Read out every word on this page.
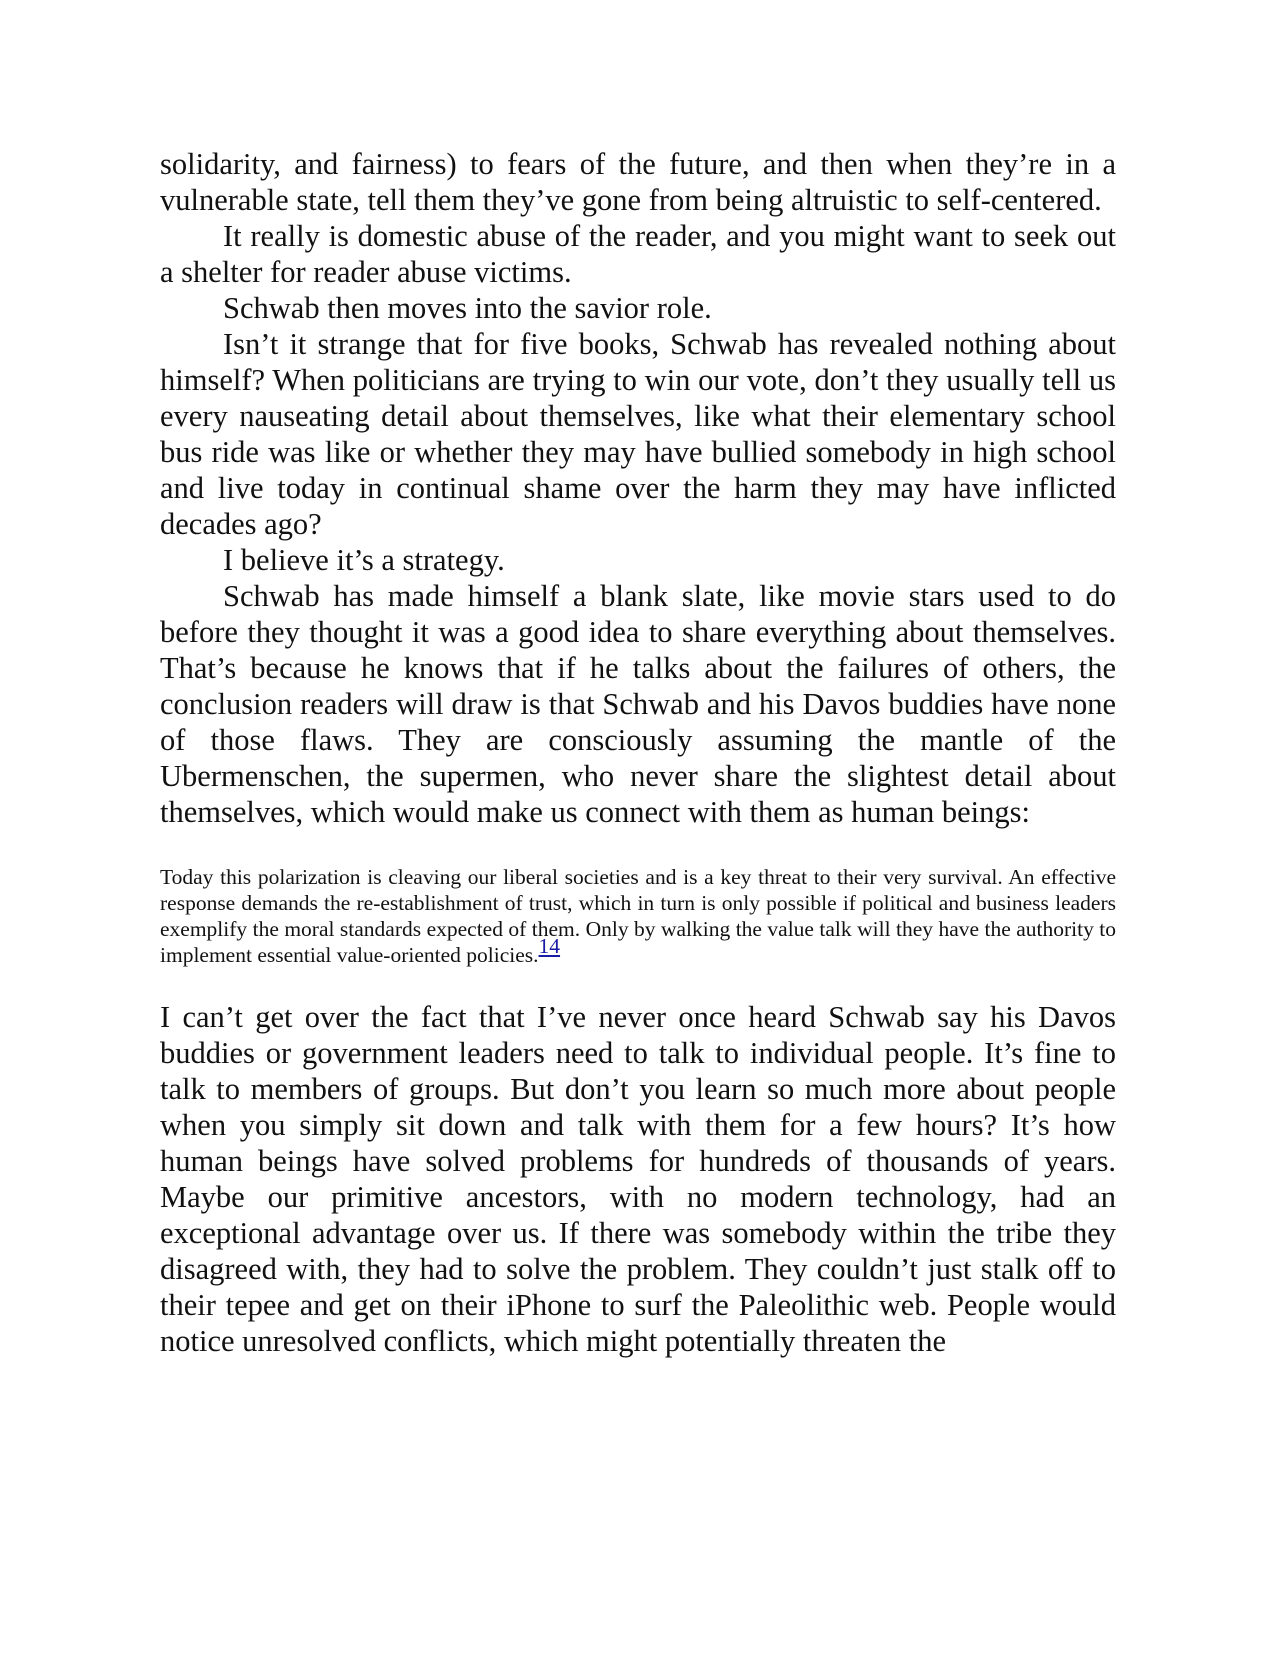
solidarity, and fairness) to fears of the future, and then when they’re in a vulnerable state, tell them they’ve gone from being altruistic to self-centered.

It really is domestic abuse of the reader, and you might want to seek out a shelter for reader abuse victims.

Schwab then moves into the savior role.

Isn’t it strange that for five books, Schwab has revealed nothing about himself? When politicians are trying to win our vote, don’t they usually tell us every nauseating detail about themselves, like what their elementary school bus ride was like or whether they may have bullied somebody in high school and live today in continual shame over the harm they may have inflicted decades ago?

I believe it’s a strategy.

Schwab has made himself a blank slate, like movie stars used to do before they thought it was a good idea to share everything about themselves. That’s because he knows that if he talks about the failures of others, the conclusion readers will draw is that Schwab and his Davos buddies have none of those flaws. They are consciously assuming the mantle of the Ubermenschen, the supermen, who never share the slightest detail about themselves, which would make us connect with them as human beings:

Today this polarization is cleaving our liberal societies and is a key threat to their very survival. An effective response demands the re-establishment of trust, which in turn is only possible if political and business leaders exemplify the moral standards expected of them. Only by walking the value talk will they have the authority to implement essential value-oriented policies.14

I can’t get over the fact that I’ve never once heard Schwab say his Davos buddies or government leaders need to talk to individual people. It’s fine to talk to members of groups. But don’t you learn so much more about people when you simply sit down and talk with them for a few hours? It’s how human beings have solved problems for hundreds of thousands of years. Maybe our primitive ancestors, with no modern technology, had an exceptional advantage over us. If there was somebody within the tribe they disagreed with, they had to solve the problem. They couldn’t just stalk off to their tepee and get on their iPhone to surf the Paleolithic web. People would notice unresolved conflicts, which might potentially threaten the
